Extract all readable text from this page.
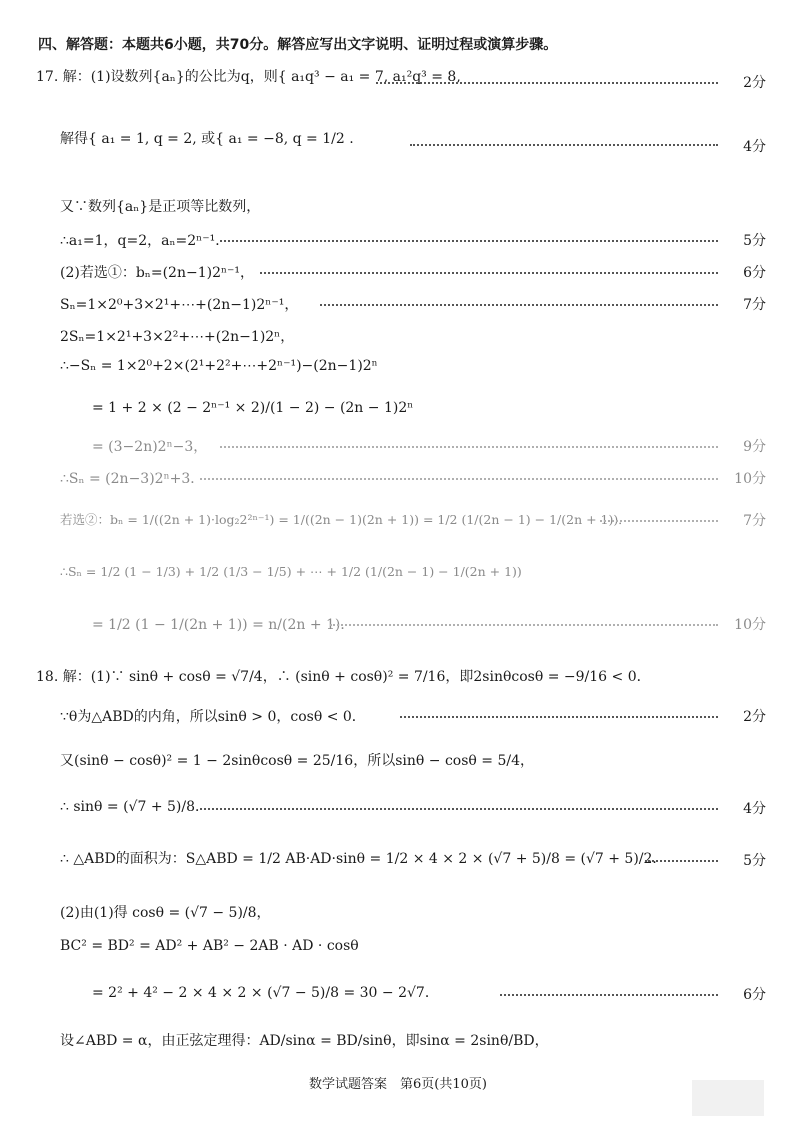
四、解答题：本题共6小题，共70分。解答应写出文字说明、证明过程或演算步骤。
17. 解：(1)设数列{aₙ}的公比为q，则{ a₁q³ − a₁ = 7, a₁²q³ = 8,	2分
解得{ a₁ = 1, q = 2, 或{ a₁ = −8, q = 1/2 .	4分
又∵数列{aₙ}是正项等比数列，
∴a₁=1，q=2，aₙ=2ⁿ⁻¹．	5分
(2)若选①：bₙ=(2n−1)2ⁿ⁻¹，	6分
Sₙ=1×2⁰+3×2¹+⋯+(2n−1)2ⁿ⁻¹，	7分
2Sₙ=1×2¹+3×2²+⋯+(2n−1)2ⁿ，
∴−Sₙ = 1×2⁰+2×(2¹+2²+⋯+2ⁿ⁻¹)−(2n−1)2ⁿ
= 1 + 2 × (2 − 2ⁿ⁻¹ × 2)/(1 − 2) − (2n − 1)2ⁿ
= (3−2n)2ⁿ−3，	9分
∴Sₙ = (2n−3)2ⁿ+3．	10分
若选②：bₙ = 1/((2n + 1)·log₂2²ⁿ⁻¹) = 1/((2n − 1)(2n + 1)) = 1/2 (1/(2n − 1) − 1/(2n + 1))．	7分
∴Sₙ = 1/2 (1 − 1/3) + 1/2 (1/3 − 1/5) + ⋯ + 1/2 (1/(2n − 1) − 1/(2n + 1))
= 1/2 (1 − 1/(2n + 1)) = n/(2n + 1)．	10分
18. 解：(1)∵ sinθ + cosθ = √7/4，∴ (sinθ + cosθ)² = 7/16，即2sinθcosθ = −9/16 < 0．
∵θ为△ABD的内角，所以sinθ > 0，cosθ < 0．	2分
又(sinθ − cosθ)² = 1 − 2sinθcosθ = 25/16，所以sinθ − cosθ = 5/4，
∴ sinθ = (√7 + 5)/8．	4分
∴ △ABD的面积为：S△ABD = 1/2 AB·AD·sinθ = 1/2 × 4 × 2 × (√7 + 5)/8 = (√7 + 5)/2．	5分
(2)由(1)得 cosθ = (√7 − 5)/8，
BC² = BD² = AD² + AB² − 2AB · AD · cosθ
= 2² + 4² − 2 × 4 × 2 × (√7 − 5)/8 = 30 − 2√7．	6分
设∠ABD = α，由正弦定理得：AD/sinα = BD/sinθ，即sinα = 2sinθ/BD，
数学试题答案　第6页(共10页)
